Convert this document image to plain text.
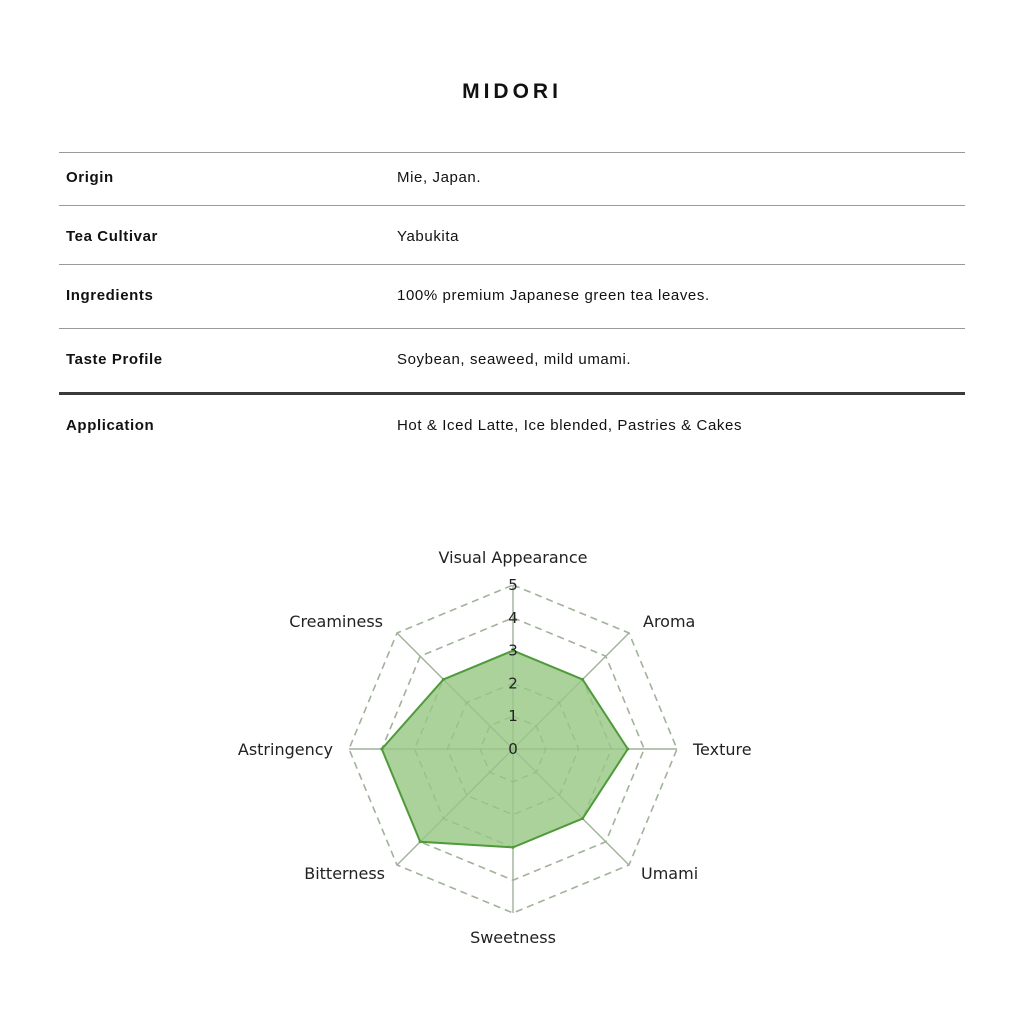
MIDORI
Origin	Mie, Japan.
Tea Cultivar	Yabukita
Ingredients	100% premium Japanese green tea leaves.
Taste Profile	Soybean, seaweed, mild umami.
Application	Hot & Iced Latte, Ice blended, Pastries & Cakes
0
1
2
3
4
5
Visual Appearance
Aroma
Texture
Umami
Sweetness
Bitterness
Astringency
Creaminess
